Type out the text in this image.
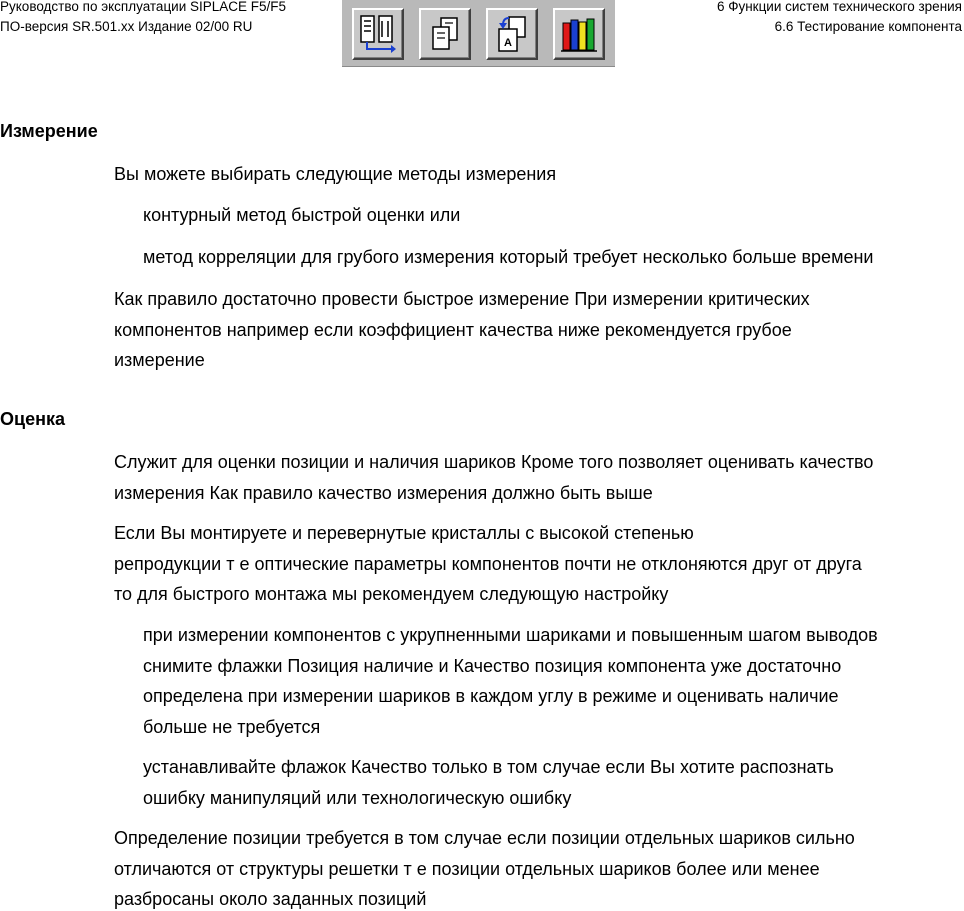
Руководство по эксплуатации SIPLACE F5/F5
ПО-версия SR.501.xx Издание 02/00 RU
6 Функции систем технического зрения
6.6 Тестирование компонента
A
Измерение
Вы можете выбирать следующие методы измерения
контурный метод быстрой оценки или
метод корреляции для грубого измерения который требует несколько больше времени
Как правило достаточно провести быстрое измерение При измерении критических
компонентов например если коэффициент качества ниже рекомендуется грубое
измерение
Оценка
Служит для оценки позиции и наличия шариков Кроме того позволяет оценивать качество
измерения Как правило качество измерения должно быть выше
Если Вы монтируете и перевернутые кристаллы с высокой степенью
репродукции т е оптические параметры компонентов почти не отклоняются друг от друга
то для быстрого монтажа мы рекомендуем следующую настройку
при измерении компонентов с укрупненными шариками и повышенным шагом выводов
снимите флажки Позиция наличие и Качество позиция компонента уже достаточно
определена при измерении шариков в каждом углу в режиме и оценивать наличие
больше не требуется
устанавливайте флажок Качество только в том случае если Вы хотите распознать
ошибку манипуляций или технологическую ошибку
Определение позиции требуется в том случае если позиции отдельных шариков сильно
отличаются от структуры решетки т е позиции отдельных шариков более или менее
разбросаны около заданных позиций
